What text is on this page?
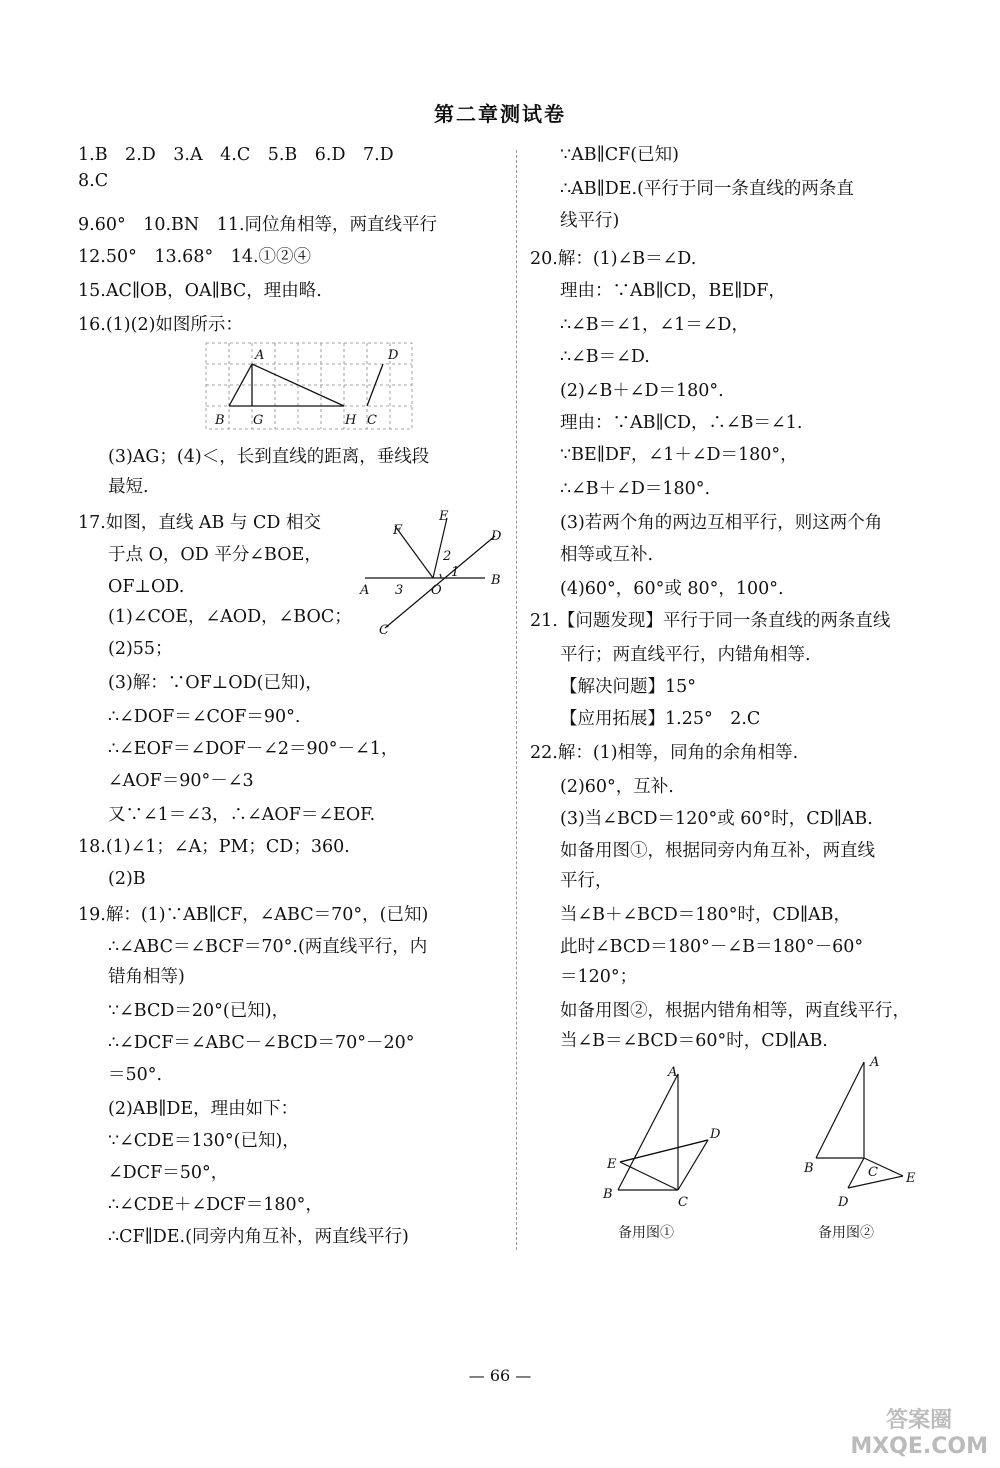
第二章测试卷
1.B　2.D　3.A　4.C　5.B　6.D　7.D
8.C
9.60°　10.BN　11.同位角相等，两直线平行
12.50°　13.68°　14.①②④
15.AC∥OB，OA∥BC，理由略.
16.(1)(2)如图所示：
(3)AG；(4)＜，长到直线的距离，垂线段
最短.
17.如图，直线 AB 与 CD 相交
于点 O，OD 平分∠BOE，
OF⊥OD.
(1)∠COE，∠AOD，∠BOC；
(2)55；
(3)解：∵OF⊥OD(已知)，
∴∠DOF＝∠COF＝90°.
∴∠EOF＝∠DOF－∠2＝90°－∠1，
∠AOF＝90°－∠3
又∵∠1＝∠3，∴∠AOF＝∠EOF.
18.(1)∠1；∠A；PM；CD；360.
(2)B
19.解：(1)∵AB∥CF，∠ABC＝70°，(已知)
∴∠ABC＝∠BCF＝70°.(两直线平行，内
错角相等)
∵∠BCD＝20°(已知)，
∴∠DCF＝∠ABC－∠BCD＝70°－20°
＝50°.
(2)AB∥DE，理由如下：
∵∠CDE＝130°(已知)，
∠DCF＝50°，
∴∠CDE＋∠DCF＝180°，
∴CF∥DE.(同旁内角互补，两直线平行)
∵AB∥CF(已知)
∴AB∥DE.(平行于同一条直线的两条直
线平行)
20.解：(1)∠B＝∠D.
理由：∵AB∥CD，BE∥DF，
∴∠B＝∠1，∠1＝∠D，
∴∠B＝∠D.
(2)∠B＋∠D＝180°.
理由：∵AB∥CD，∴∠B＝∠1.
∵BE∥DF，∠1＋∠D＝180°，
∴∠B＋∠D＝180°.
(3)若两个角的两边互相平行，则这两个角
相等或互补.
(4)60°，60°或 80°，100°.
21.【问题发现】平行于同一条直线的两条直线
平行；两直线平行，内错角相等.
【解决问题】15°
【应用拓展】1.25°　2.C
22.解：(1)相等，同角的余角相等.
(2)60°，互补.
(3)当∠BCD＝120°或 60°时，CD∥AB.
如备用图①，根据同旁内角互补，两直线
平行，
当∠B＋∠BCD＝180°时，CD∥AB，
此时∠BCD＝180°－∠B＝180°－60°
＝120°；
如备用图②，根据内错角相等，两直线平行，
当∠B＝∠BCD＝60°时，CD∥AB.
A	D
B G	H C
F
E
D
2
1
B
A 3 O
C
A
D
E
B
C
备用图①
A
B	C E
D
备用图②
— 66 —
答案圈
MXQE.COM
